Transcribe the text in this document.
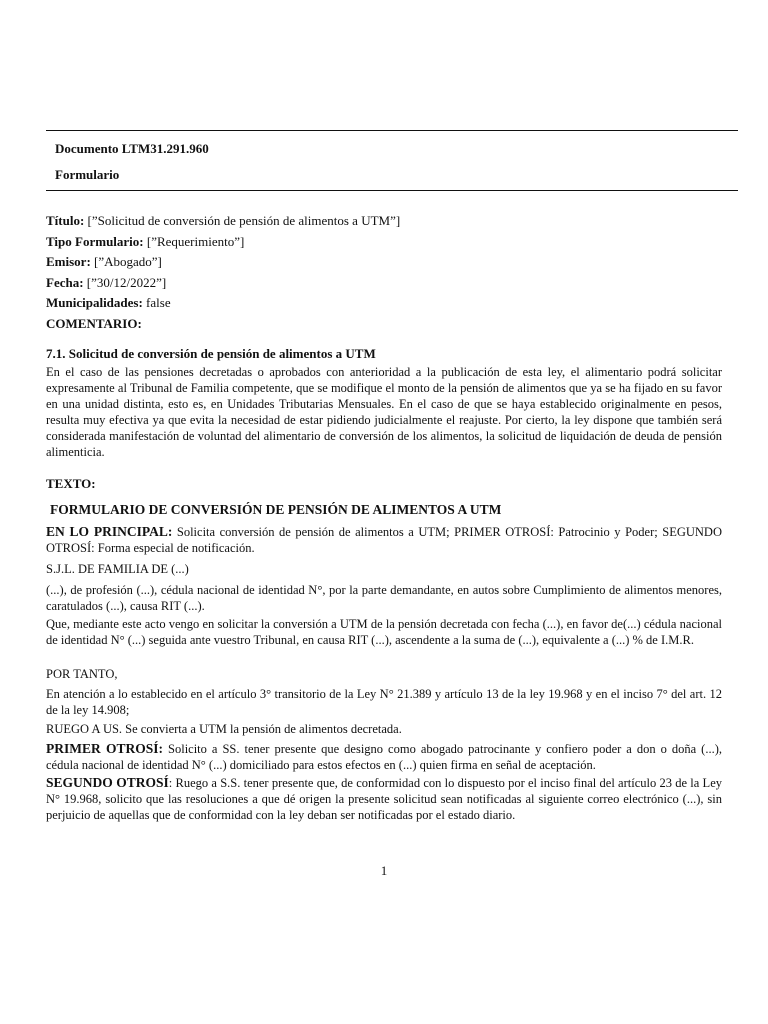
Documento LTM31.291.960
Formulario
Título: [”Solicitud de conversión de pensión de alimentos a UTM”]
Tipo Formulario: [”Requerimiento”]
Emisor: [”Abogado”]
Fecha: [”30/12/2022”]
Municipalidades: false
COMENTARIO:
7.1. Solicitud de conversión de pensión de alimentos a UTM
En el caso de las pensiones decretadas o aprobados con anterioridad a la publicación de esta ley, el alimentario podrá solicitar expresamente al Tribunal de Familia competente, que se modifique el monto de la pensión de alimentos que ya se ha fijado en su favor en una unidad distinta, esto es, en Unidades Tributarias Mensuales. En el caso de que se haya establecido originalmente en pesos, resulta muy efectiva ya que evita la necesidad de estar pidiendo judicialmente el reajuste. Por cierto, la ley dispone que también será considerada manifestación de voluntad del alimentario de conversión de los alimentos, la solicitud de liquidación de deuda de pensión alimenticia.
TEXTO:
FORMULARIO DE CONVERSIÓN DE PENSIÓN DE ALIMENTOS A UTM
EN LO PRINCIPAL: Solicita conversión de pensión de alimentos a UTM; PRIMER OTROSÍ: Patrocinio y Poder; SEGUNDO OTROSÍ: Forma especial de notificación.
S.J.L. DE FAMILIA DE (...)
(...), de profesión (...), cédula nacional de identidad N°, por la parte demandante, en autos sobre Cumplimiento de alimentos menores, caratulados (...), causa RIT (...).
Que, mediante este acto vengo en solicitar la conversión a UTM de la pensión decretada con fecha (...), en favor de(...) cédula nacional de identidad N° (...) seguida ante vuestro Tribunal, en causa RIT (...), ascendente a la suma de (...), equivalente a (...) % de I.M.R.
POR TANTO,
En atención a lo establecido en el artículo 3° transitorio de la Ley N° 21.389 y artículo 13 de la ley 19.968 y en el inciso 7° del art. 12 de la ley 14.908;
RUEGO A US. Se convierta a UTM la pensión de alimentos decretada.
PRIMER OTROSÍ: Solicito a SS. tener presente que designo como abogado patrocinante y confiero poder a don o doña (...), cédula nacional de identidad N° (...) domiciliado para estos efectos en (...) quien firma en señal de aceptación.
SEGUNDO OTROSÍ: Ruego a S.S. tener presente que, de conformidad con lo dispuesto por el inciso final del artículo 23 de la Ley N° 19.968, solicito que las resoluciones a que dé origen la presente solicitud sean notificadas al siguiente correo electrónico (...), sin perjuicio de aquellas que de conformidad con la ley deban ser notificadas por el estado diario.
1
